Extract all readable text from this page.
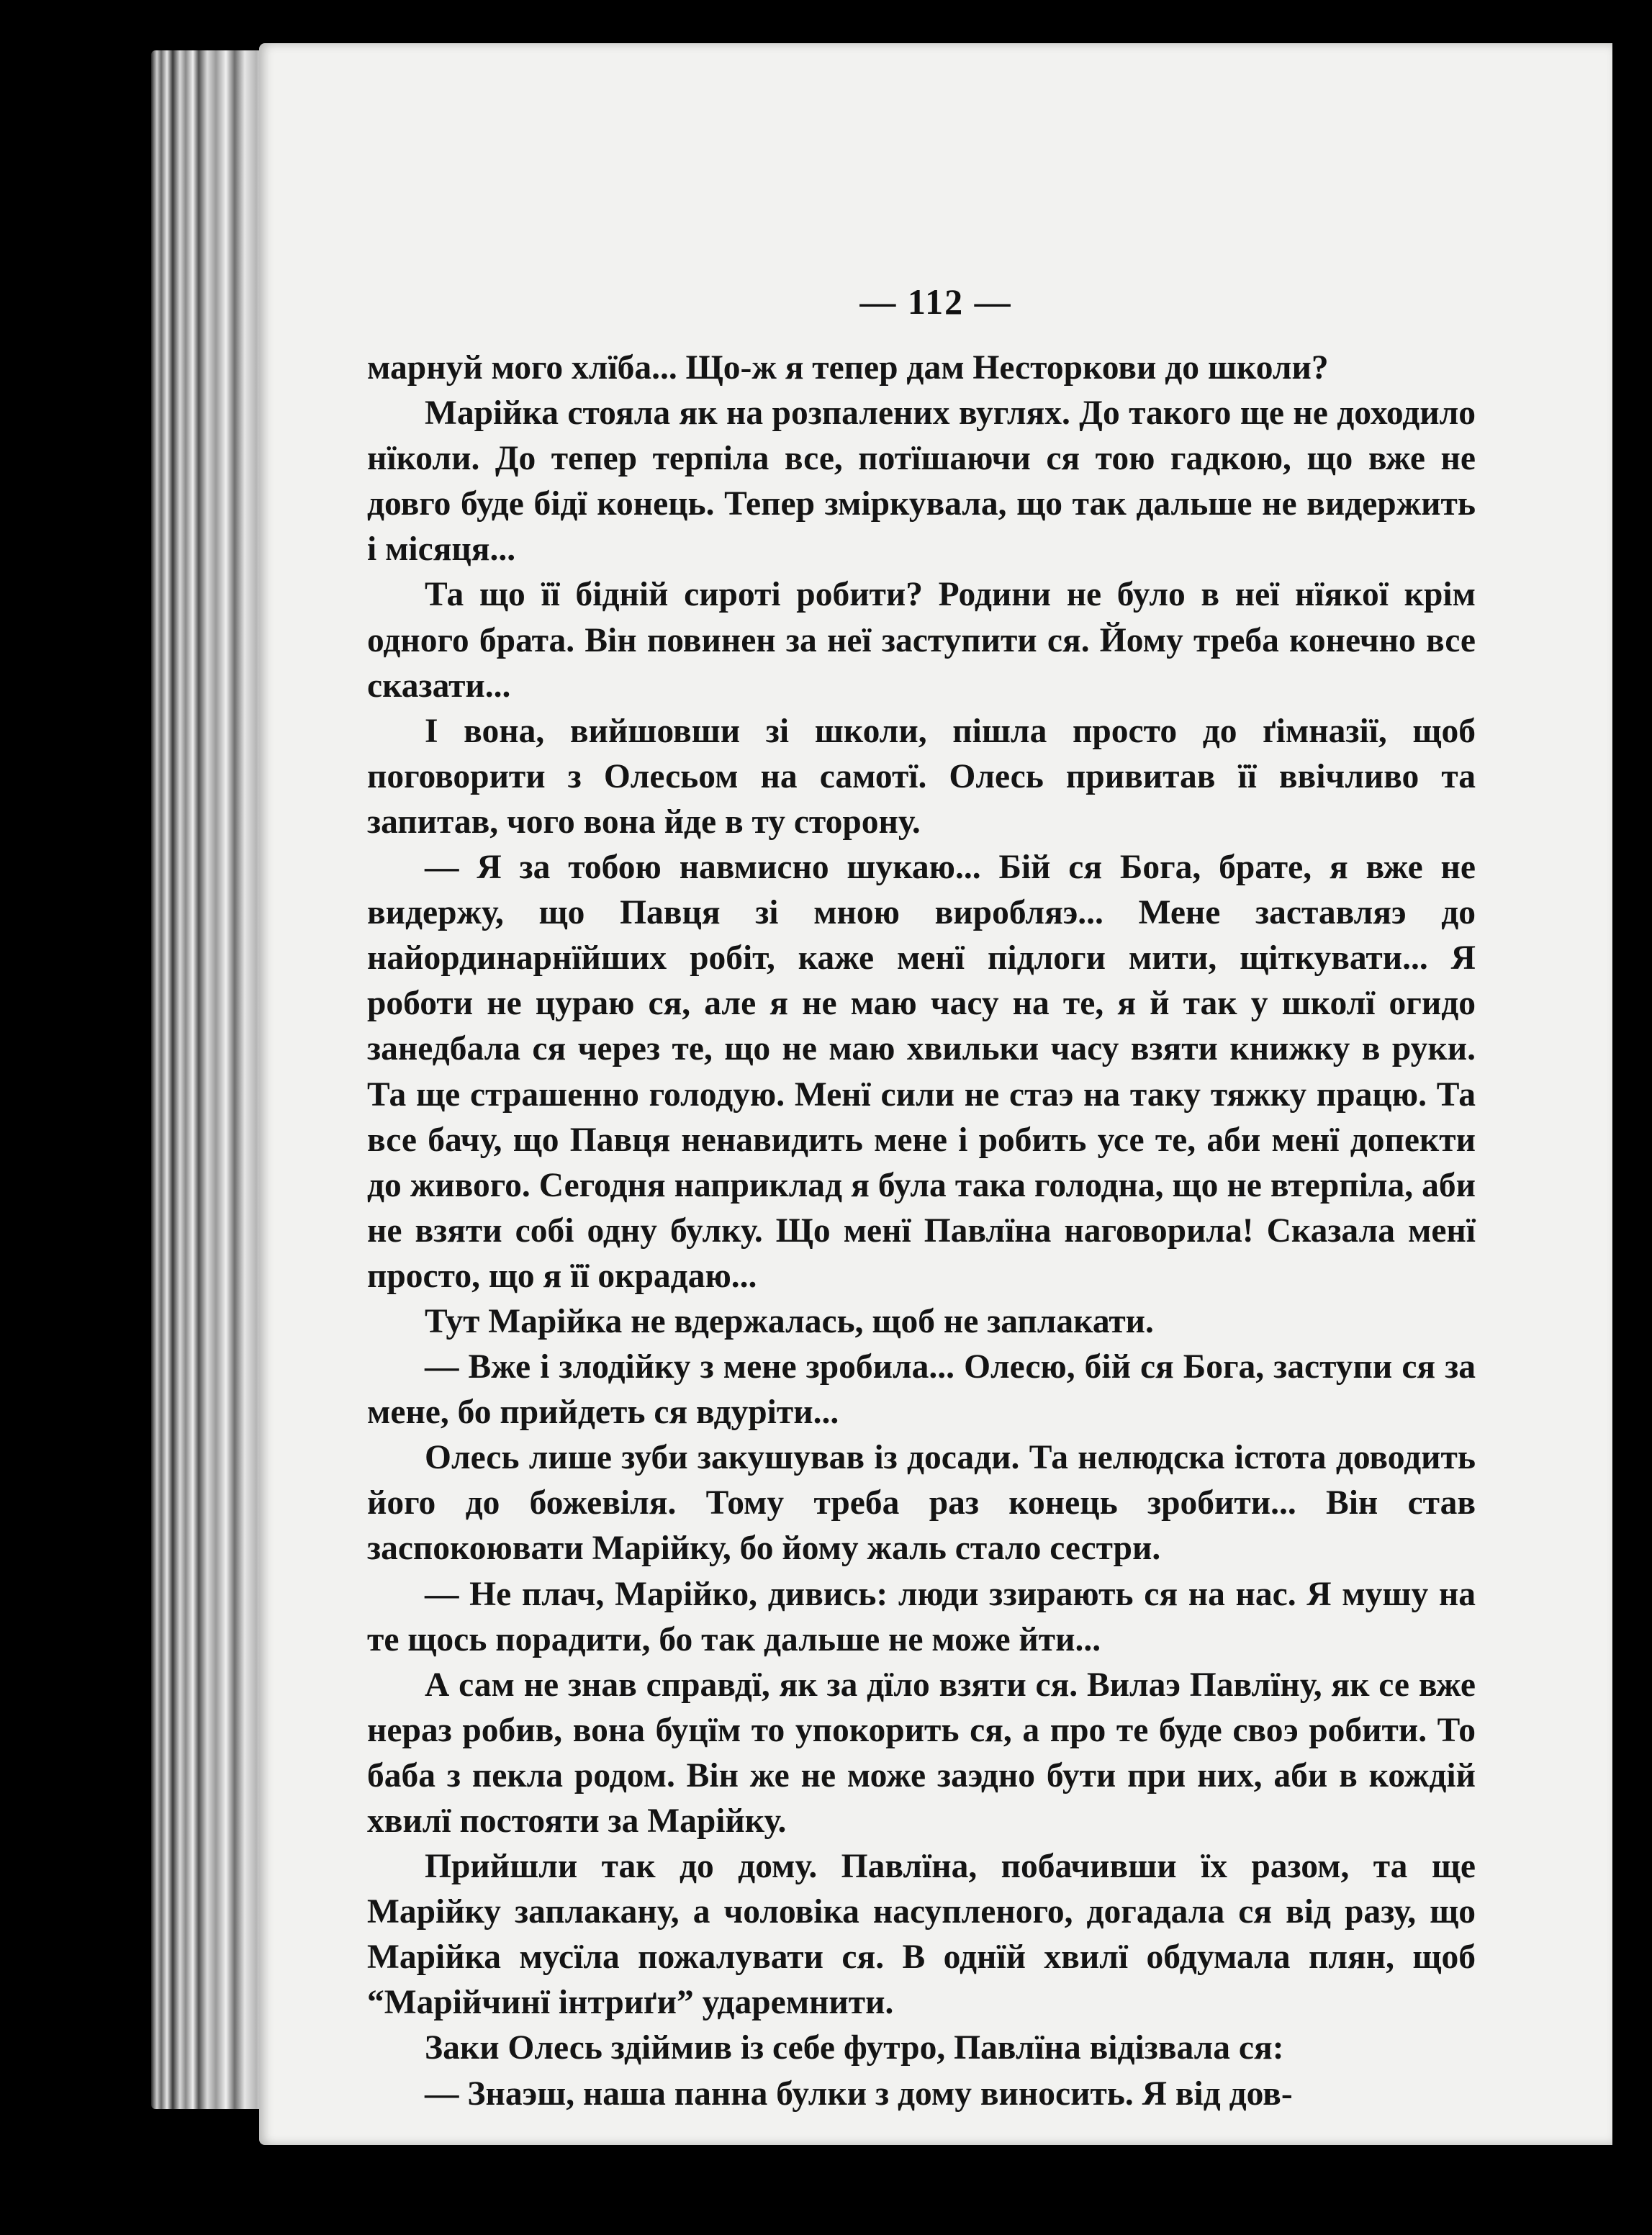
— 112 —

марнуй мого хлїба... Що-ж я тепер дам Несторкови до школи?

Марійка стояла як на розпалених вуглях. До такого ще не доходило нїколи. До тепер терпіла все, потїшаючи ся тою гадкою, що вже не довго буде бідї конець. Тепер зміркувала, що так дальше не видержить і місяця...

Та що її бідній сироті робити? Родини не було в неї нїякої крім одного брата. Він повинен за неї заступити ся. Йому треба конечно все сказати...

І вона, вийшовши зі школи, пішла просто до ґімназії, щоб поговорити з Олесьом на самотї. Олесь привитав її ввічливо та запитав, чого вона йде в ту сторону.

— Я за тобою навмисно шукаю... Бій ся Бога, брате, я вже не видержу, що Павця зі мною виробляэ... Мене заставляэ до найординарнїйших робіт, каже менї підлоги мити, щіткувати... Я роботи не цураю ся, але я не маю часу на те, я й так у школї огидо занедбала ся через те, що не маю хвильки часу взяти книжку в руки. Та ще страшенно голодую. Менї сили не стаэ на таку тяжку працю. Та все бачу, що Павця ненавидить мене і робить усе те, аби менї допекти до живого. Сегодня наприклад я була така голодна, що не втерпіла, аби не взяти собі одну булку. Що менї Павлїна наговорила! Сказала менї просто, що я її окрадаю...

Тут Марійка не вдержалась, щоб не заплакати.

— Вже і злодійку з мене зробила... Олесю, бій ся Бога, заступи ся за мене, бо прийдеть ся вдуріти...

Олесь лише зуби закушував із досади. Та нелюдска істота доводить його до божевіля. Тому треба раз конець зробити... Він став заспокоювати Марійку, бо йому жаль стало сестри.

— Не плач, Марійко, дивись: люди ззирають ся на нас. Я мушу на те щось порадити, бо так дальше не може йти...

А сам не знав справдї, як за дїло взяти ся. Вилаэ Павлїну, як се вже нераз робив, вона буцїм то упокорить ся, а про те буде своэ робити. То баба з пекла родом. Він же не може заэдно бути при них, аби в кождій хвилї постояти за Марійку.

Прийшли так до дому. Павлїна, побачивши їх разом, та ще Марійку заплакану, а чоловіка насупленого, догадала ся від разу, що Марійка мусїла пожалувати ся. В однїй хвилї обдумала плян, щоб “Марійчинї інтриґи” ударемнити.

Заки Олесь здіймив із себе футро, Павлїна відізвала ся:

— Знаэш, наша панна булки з дому виносить. Я від дов-
